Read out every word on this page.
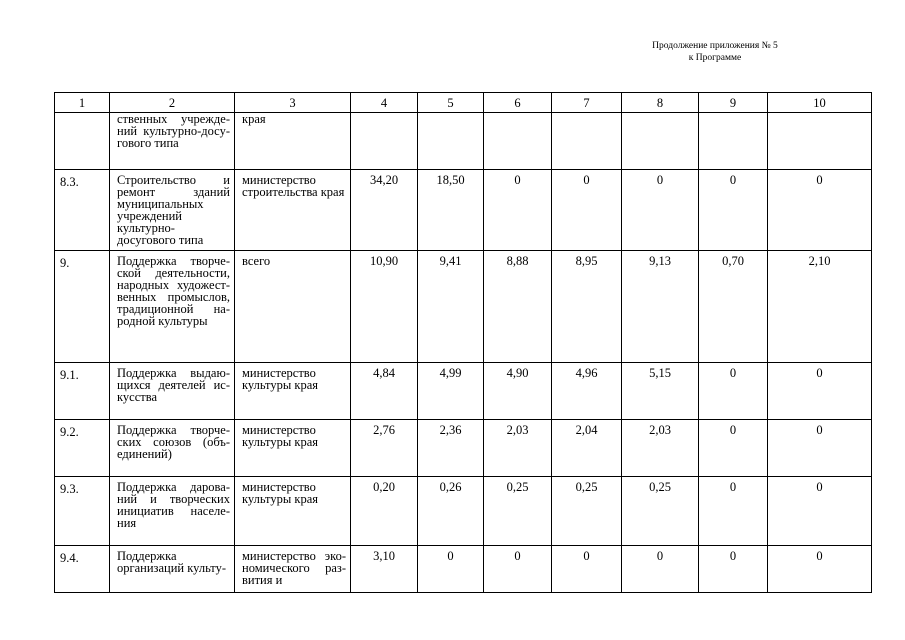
Продолжение приложения № 5
к Программе
1	2	3	4	5	6	7	8	9	10
	ственных учреждений культурно-досугового типа	края							
8.3.	Строительство и ремонт зданий муниципальных учреждений культурно-досугового типа	министерство строительства края	34,20	18,50	0	0	0	0	0
9.	Поддержка творческой деятельности, народных художественных промыслов, традиционной народной культуры	всего	10,90	9,41	8,88	8,95	9,13	0,70	2,10
9.1.	Поддержка выдающихся деятелей искусства	министерство культуры края	4,84	4,99	4,90	4,96	5,15	0	0
9.2.	Поддержка творческих союзов (объединений)	министерство культуры края	2,76	2,36	2,03	2,04	2,03	0	0
9.3.	Поддержка дарований и творческих инициатив населения	министерство культуры края	0,20	0,26	0,25	0,25	0,25	0	0
9.4.	Поддержка организаций культу-	министерство экономического развития и	3,10	0	0	0	0	0	0
